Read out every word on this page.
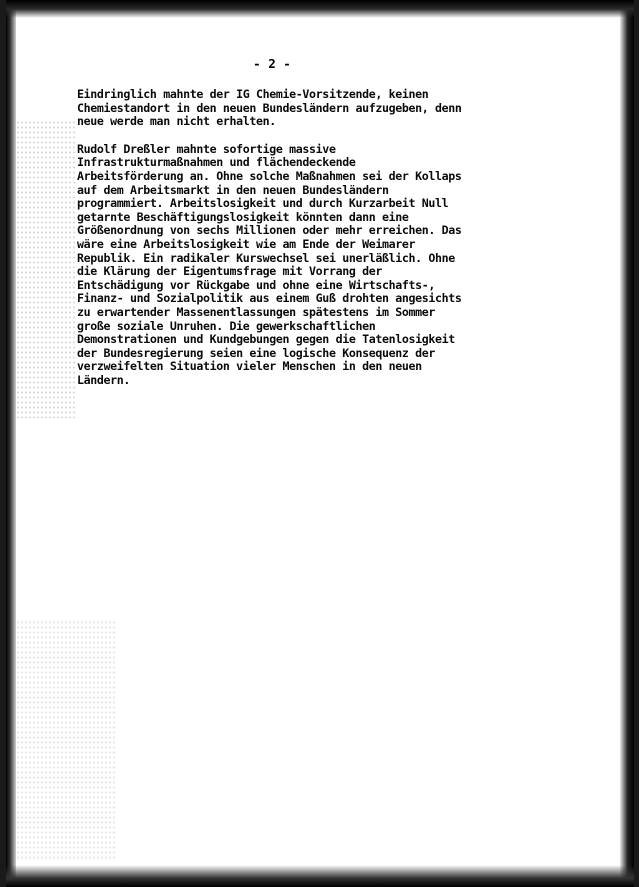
- 2 -
Eindringlich mahnte der IG Chemie-Vorsitzende, keinen
Chemiestandort in den neuen Bundesländern aufzugeben, denn
neue werde man nicht erhalten.
Rudolf Dreßler mahnte sofortige massive
Infrastrukturmaßnahmen und flächendeckende
Arbeitsförderung an. Ohne solche Maßnahmen sei der Kollaps
auf dem Arbeitsmarkt in den neuen Bundesländern
programmiert. Arbeitslosigkeit und durch Kurzarbeit Null
getarnte Beschäftigungslosigkeit könnten dann eine
Größenordnung von sechs Millionen oder mehr erreichen. Das
wäre eine Arbeitslosigkeit wie am Ende der Weimarer
Republik. Ein radikaler Kurswechsel sei unerläßlich. Ohne
die Klärung der Eigentumsfrage mit Vorrang der
Entschädigung vor Rückgabe und ohne eine Wirtschafts-,
Finanz- und Sozialpolitik aus einem Guß drohten angesichts
zu erwartender Massenentlassungen spätestens im Sommer
große soziale Unruhen. Die gewerkschaftlichen
Demonstrationen und Kundgebungen gegen die Tatenlosigkeit
der Bundesregierung seien eine logische Konsequenz der
verzweifelten Situation vieler Menschen in den neuen
Ländern.
